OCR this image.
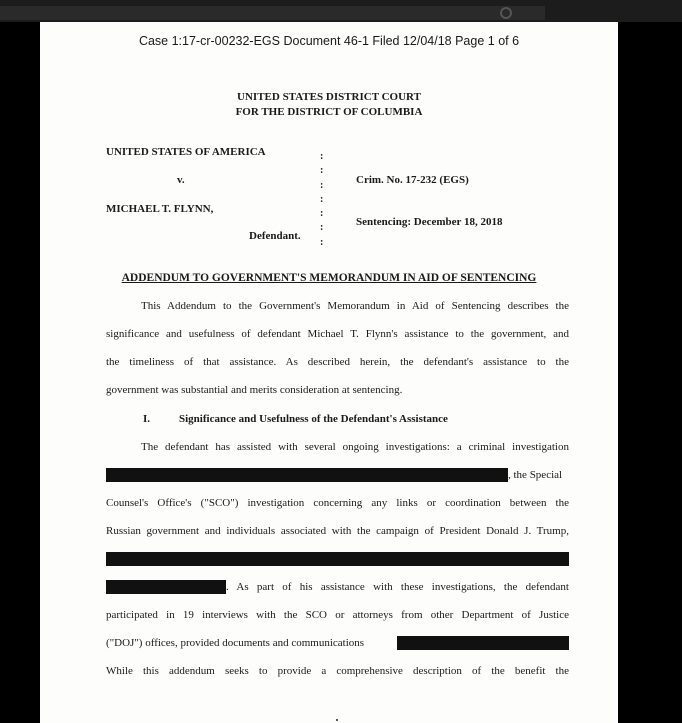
Case 1:17-cr-00232-EGS Document 46-1 Filed 12/04/18 Page 1 of 6
UNITED STATES DISTRICT COURT
FOR THE DISTRICT OF COLUMBIA
UNITED STATES OF AMERICA
v.
MICHAEL T. FLYNN,
Defendant.
:
:
:
:
:
:
:
Crim. No. 17-232 (EGS)
Sentencing: December 18, 2018
ADDENDUM TO GOVERNMENT'S MEMORANDUM IN AID OF SENTENCING
This Addendum to the Government's Memorandum in Aid of Sentencing describes the
significance and usefulness of defendant Michael T. Flynn's assistance to the government, and
the timeliness of that assistance. As described herein, the defendant's assistance to the
government was substantial and merits consideration at sentencing.
I.	Significance and Usefulness of the Defendant's Assistance
The defendant has assisted with several ongoing investigations: a criminal investigation
, the Special
Counsel's Office's ("SCO") investigation concerning any links or coordination between the
Russian government and individuals associated with the campaign of President Donald J. Trump,
. As part of his assistance with these investigations, the defendant
participated in 19 interviews with the SCO or attorneys from other Department of Justice
("DOJ") offices, provided documents and communications
While this addendum seeks to provide a comprehensive description of the benefit the
